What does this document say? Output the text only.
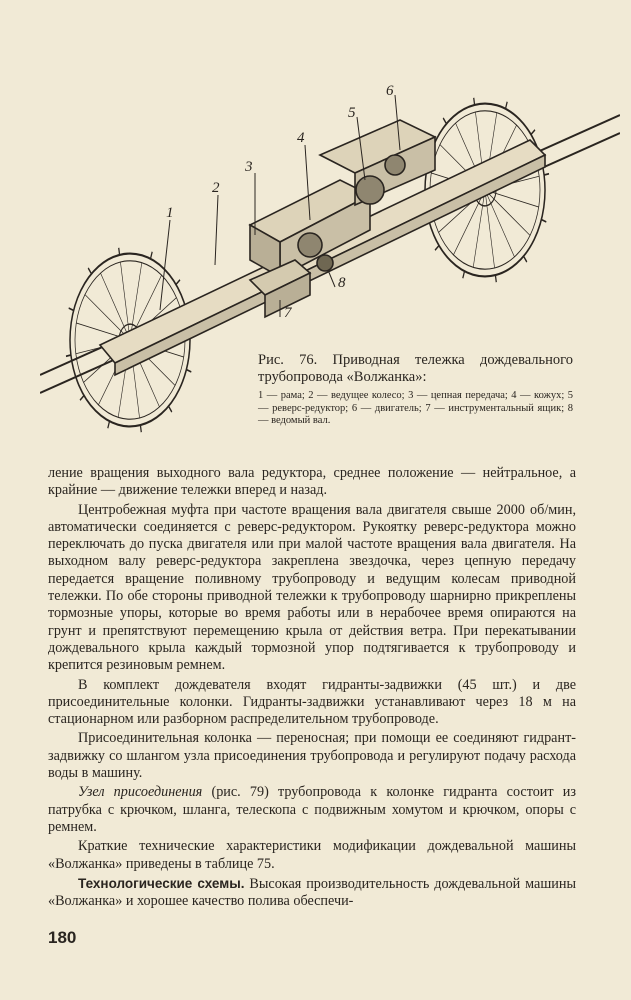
1
2
3
4
5
6
7
8

Рис. 76. Приводная тележка дождевального трубопровода «Волжанка»:

1 — рама; 2 — ведущее колесо; 3 — цепная передача; 4 — кожух; 5 — реверс-редуктор; 6 — двигатель; 7 — инструментальный ящик; 8 — ведомый вал.

ление вращения выходного вала редуктора, среднее положение — нейтральное, а крайние — движение тележки вперед и назад.

Центробежная муфта при частоте вращения вала двигателя свыше 2000 об/мин, автоматически соединяется с реверс-редуктором. Рукоятку реверс-редуктора можно переключать до пуска двигателя или при малой частоте вращения вала двигателя. На выходном валу реверс-редуктора закреплена звездочка, через цепную передачу передается вращение поливному трубопроводу и ведущим колесам приводной тележки. По обе стороны приводной тележки к трубопроводу шарнирно прикреплены тормозные упоры, которые во время работы или в нерабочее время опираются на грунт и препятствуют перемещению крыла от действия ветра. При перекатывании дождевального крыла каждый тормозной упор подтягивается к трубопроводу и крепится резиновым ремнем.

В комплект дождевателя входят гидранты-задвижки (45 шт.) и две присоединительные колонки. Гидранты-задвижки устанавливают через 18 м на стационарном или разборном распределительном трубопроводе.

Присоединительная колонка — переносная; при помощи ее соединяют гидрант-задвижку со шлангом узла присоединения трубопровода и регулируют подачу расхода воды в машину.

Узел присоединения (рис. 79) трубопровода к колонке гидранта состоит из патрубка с крючком, шланга, телескопа с подвижным хомутом и крючком, опоры с ремнем.

Краткие технические характеристики модификации дождевальной машины «Волжанка» приведены в таблице 75.

Технологические схемы. Высокая производительность дождевальной машины «Волжанка» и хорошее качество полива обеспечи-

180
